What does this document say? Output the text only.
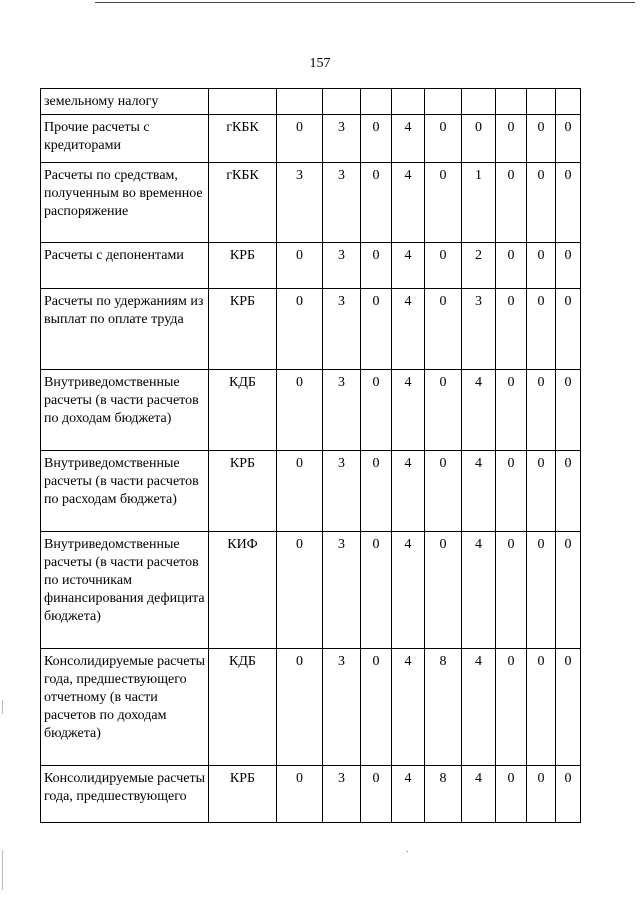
157
земельному налогу										
Прочие расчеты с кредиторами	гКБК	0	3	0	4	0	0	0	0	0
Расчеты по средствам, полученным во временное распоряжение	гКБК	3	3	0	4	0	1	0	0	0
Расчеты с депонентами	КРБ	0	3	0	4	0	2	0	0	0
Расчеты по удержаниям из выплат по оплате труда	КРБ	0	3	0	4	0	3	0	0	0
Внутриведомственные расчеты (в части расчетов по доходам бюджета)	КДБ	0	3	0	4	0	4	0	0	0
Внутриведомственные расчеты (в части расчетов по расходам бюджета)	КРБ	0	3	0	4	0	4	0	0	0
Внутриведомственные расчеты (в части расчетов по источникам финансирования дефицита бюджета)	КИФ	0	3	0	4	0	4	0	0	0
Консолидируемые расчеты года, предшествующего отчетному (в части расчетов по доходам бюджета)	КДБ	0	3	0	4	8	4	0	0	0
Консолидируемые расчеты года, предшествующего	КРБ	0	3	0	4	8	4	0	0	0
